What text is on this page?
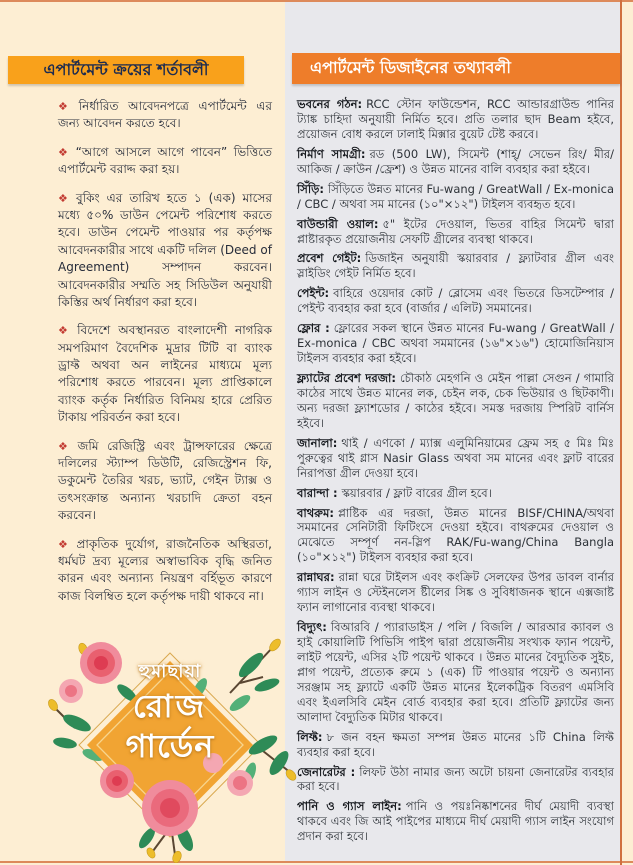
এপার্টমেন্ট ক্রয়ের শর্তাবলী	এপার্টমেন্ট ডিজাইনের তথ্যাবলী

❖ নির্ধারিত আবেদনপত্রে এপার্টমেন্ট এর জন্য আবেদন করতে হবে।

❖ “আগে আসলে আগে পাবেন” ভিত্তিতে এপার্টমেন্ট বরাদ্দ করা হয়।

❖ বুকিং এর তারিখ হতে ১ (এক) মাসের মধ্যে ৫০% ডাউন পেমেন্ট পরিশোধ করতে হবে। ডাউন পেমেন্ট পাওয়ার পর কর্তৃপক্ষ আবেদনকারীর সাথে একটি দলিল (Deed of Agreement) সম্পাদন করবেন। আবেদনকারীর সম্মতি সহ সিডিউল অনুযায়ী কিস্তির অর্থ নির্ধারণ করা হবে।

❖ বিদেশে অবস্থানরত বাংলাদেশী নাগরিক সমপরিমাণ বৈদেশিক মুদ্রার টিটি বা ব্যাংক ড্রাফ্ট অথবা অন লাইনের মাধ্যমে মূল্য পরিশোধ করতে পারবেন। মূল্য প্রাপ্তিকালে ব্যাংক কর্তৃক নির্ধারিত বিনিময় হারে প্রেরিত টাকায় পরিবর্তন করা হবে।

❖ জমি রেজিস্ট্রি এবং ট্রান্সফারের ক্ষেত্রে দলিলের স্ট্যাম্প ডিউটি, রেজিস্ট্রেশন ফি, ডকুমেন্ট তৈরির খরচ, ভ্যাট, গেইন ট্যাক্স ও তৎসংক্রান্ত অন্যান্য খরচাদি ক্রেতা বহন করবেন।

❖ প্রাকৃতিক দুর্যোগ, রাজনৈতিক অস্থিরতা, ধর্মঘট দ্রব্য মূল্যের অস্বাভাবিক বৃদ্ধি জনিত কারন এবং অন্যান্য নিয়ন্ত্রণ বর্হিভূত কারণে কাজ বিলম্বিত হলে কর্তৃপক্ষ দায়ী থাকবে না।

ভবনের গঠন: RCC স্টোন ফাউন্ডেশন, RCC আন্ডারগ্রাউন্ড পানির ট্যাঙ্ক চাহিদা অনুযায়ী নির্মিত হবে। প্রতি তলার ছাদ Beam হইবে, প্রয়োজন বোধ করলে ঢালাই মিক্সার বুয়েট টেষ্ট করবে।

নির্মাণ সামগ্রী: রড (500 LW), সিমেন্ট (শাহ্/ সেভেন রিং/ মীর/ আকিজ / ক্রাউন /ফ্রেশ) ও উন্নত মানের বালি ব্যবহার করা হইবে।

সিঁড়ি: সিঁড়িতে উন্নত মানের Fu-wang / GreatWall / Ex-monica / CBC / অথবা সম মানের (১০"×১২") টাইলস ব্যবহৃত হবে।

বাউন্ডারী ওয়াল: ৫" ইটের দেওয়াল, ভিতর বাহির সিমেন্ট দ্বারা প্লাষ্টারকৃত প্রয়োজনীয় সেফটি গ্রীলের ব্যবস্থা থাকবে।

প্রবেশ গেইট: ডিজাইন অনুযায়ী স্কয়ারবার / ফ্ল্যাটবার গ্রীল এবং স্লাইডিং গেইট নির্মিত হবে।

পেইন্ট: বাহিরে ওয়েদার কোট / ব্লোসেম এবং ভিতরে ডিসটেম্পার / পেইন্ট ব্যবহার করা হবে (বার্জার / এলিট) সমমানের।

ফ্লোর : ফ্লোরের সকল স্থানে উন্নত মানের Fu-wang / GreatWall / Ex-monica / CBC অথবা সমমানের (১৬"×১৬") হোমোজিনিয়াস টাইলস ব্যবহার করা হইবে।

ফ্ল্যাটের প্রবেশ দরজা: চৌকাঠ মেহগনি ও মেইন পাল্লা সেগুন / গামারি কাঠের সাথে উন্নত মানের লক, চেইন লক, চেক ভিউয়ার ও ছিটকাণী। অন্য দরজা ফ্ল্যাশডোর / কাঠের হইবে। সমস্ত দরজায় স্পিরিট বার্নিস হইবে।

জানালা: থাই / এণকো / ম্যাক্স এলুমিনিয়ামের ফ্রেম সহ ৫ মিঃ মিঃ পুরুত্বের থাই গ্লাস Nasir Glass অথবা সম মানের এবং ফ্লাট বারের নিরাপত্তা গ্রীল দেওয়া হবে।

বারান্দা : স্কয়ারবার / ফ্লাট বারের গ্রীল হবে।

বাথরুম: প্লাষ্টিক এর দরজা, উন্নত মানের BISF/CHINA/অথবা সমমানের সেনিটারী ফিটিংসে দেওয়া হইবে। বাথরুমের দেওয়াল ও মেঝেতে সম্পূর্ণ নন-স্লিপ RAK/Fu-wang/China Bangla (১০"×১২") টাইলস ব্যবহার করা হবে।

রান্নাঘর: রান্না ঘরে টাইলস এবং কংক্রিট সেলফের উপর ডাবল বার্নার গ্যাস লাইন ও স্টেইনলেস ষ্টীলের সিঙ্ক ও সুবিধাজনক স্থানে এক্সজাষ্ট ফ্যান লাগানোর ব্যবস্থা থাকবে।

বিদ্যুৎ: বিআরবি / প্যারাডাইস / পলি / বিজলি / আরআর ক্যাবল ও হাই কোয়ালিটি পিভিসি পাইপ দ্বারা প্রয়োজনীয় সংখ্যক ফ্যান পয়েন্ট, লাইট পয়েন্ট, এসির ২টি পয়েন্ট থাকবে । উন্নত মানের বৈদ্যুতিক সুইচ, প্লাগ পয়েন্ট, প্রত্যেক রুমে ১ (এক) টি পাওয়ার পয়েন্ট ও অন্যান্য সরঞ্জাম সহ ফ্ল্যাটে একটি উন্নত মানের ইলেকট্রিক বিতরণ এমসিবি এবং ইএলসিবি মেইন বোর্ড ব্যবহার করা হবে। প্রতিটি ফ্ল্যাটের জন্য আলাদা বৈদ্যুতিক মিটার থাকবে।

লিফ্ট: ৮ জন বহন ক্ষমতা সম্পন্ন উন্নত মানের ১টি China লিফ্ট ব্যবহার করা হবে।

জেনারেটর : লিফট উঠা নামার জন্য অটো চায়না জেনারেটর ব্যবহার করা হবে।

পানি ও গ্যাস লাইন: পানি ও পয়ঃনিষ্কাশনের দীর্ঘ মেয়াদী ব্যবস্থা থাকবে এবং জি আই পাইপের মাধ্যমে দীর্ঘ মেয়াদী গ্যাস লাইন সংযোগ প্রদান করা হবে।

হুমাছায়া
রোজ
গার্ডেন
